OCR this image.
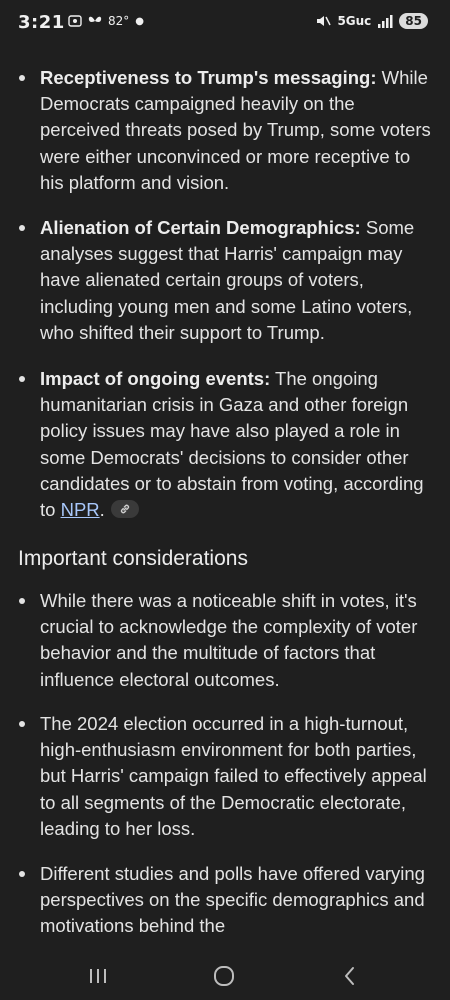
Receptiveness to Trump's messaging: While Democrats campaigned heavily on the perceived threats posed by Trump, some voters were either unconvinced or more receptive to his platform and vision.
Alienation of Certain Demographics: Some analyses suggest that Harris' campaign may have alienated certain groups of voters, including young men and some Latino voters, who shifted their support to Trump.
Impact of ongoing events: The ongoing humanitarian crisis in Gaza and other foreign policy issues may have also played a role in some Democrats' decisions to consider other candidates or to abstain from voting, according to NPR.
Important considerations
While there was a noticeable shift in votes, it's crucial to acknowledge the complexity of voter behavior and the multitude of factors that influence electoral outcomes.
The 2024 election occurred in a high-turnout, high-enthusiasm environment for both parties, but Harris' campaign failed to effectively appeal to all segments of the Democratic electorate, leading to her loss.
Different studies and polls have offered varying perspectives on the specific demographics and motivations behind the
3:21	82° ●	5Guc	85
